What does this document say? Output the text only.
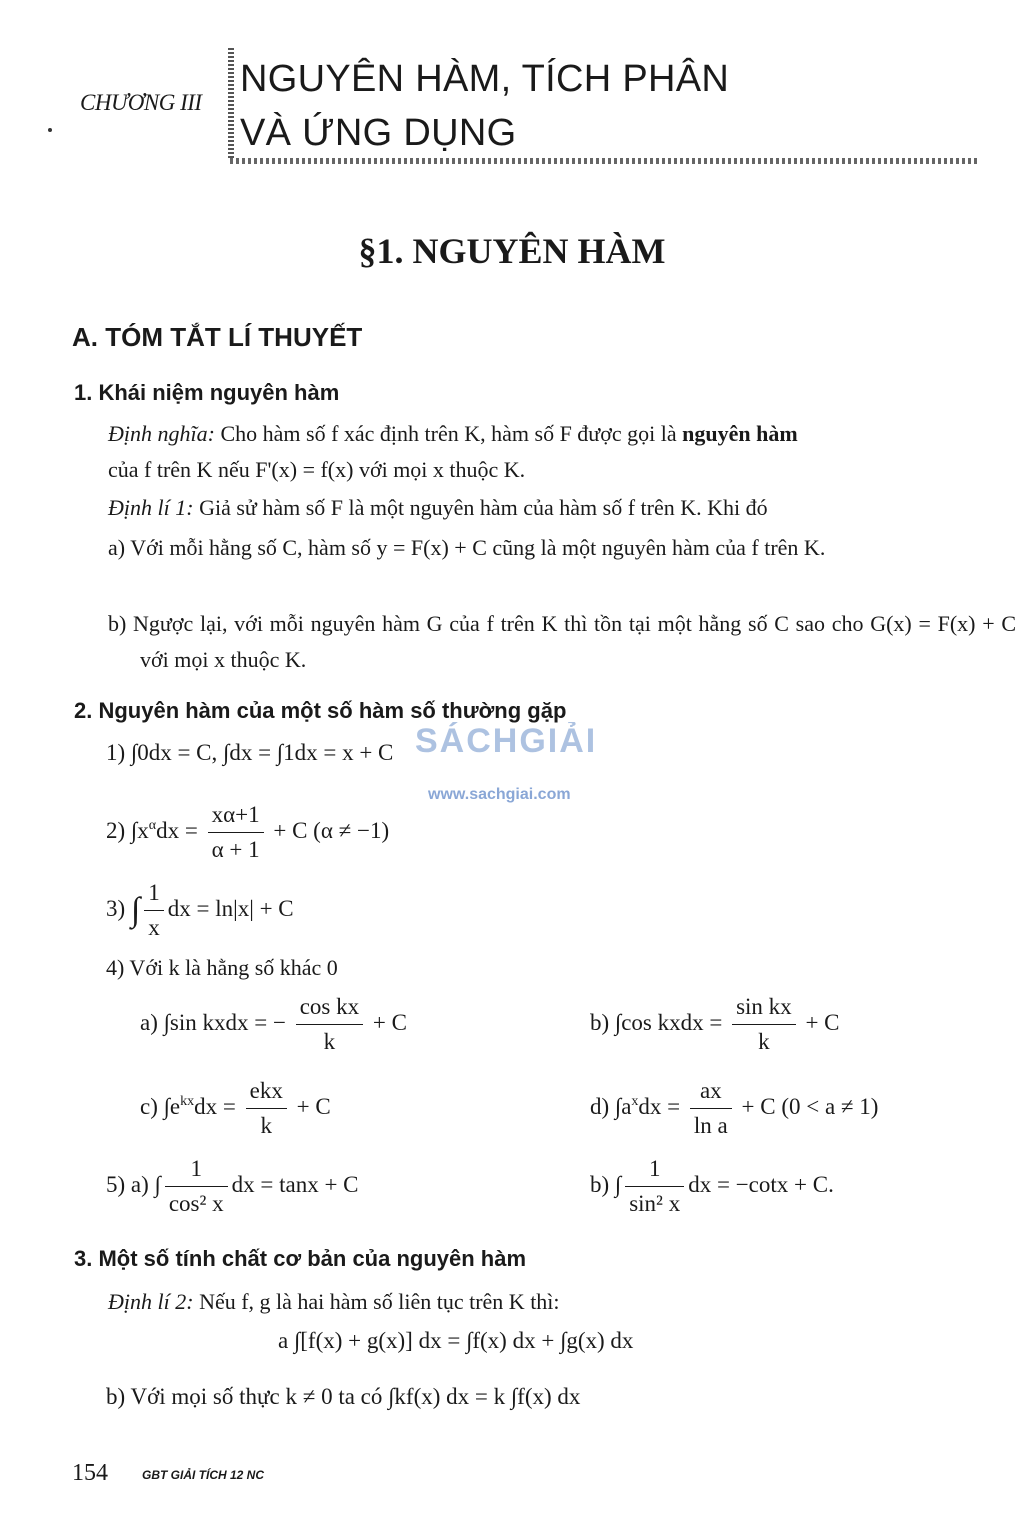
CHƯƠNG III
NGUYÊN HÀM, TÍCH PHÂN
VÀ ỨNG DỤNG
§1. NGUYÊN HÀM
A. TÓM TẮT LÍ THUYẾT
1. Khái niệm nguyên hàm
Định nghĩa: Cho hàm số f xác định trên K, hàm số F được gọi là nguyên hàm
của f trên K nếu F'(x) = f(x) với mọi x thuộc K.
Định lí 1: Giả sử hàm số F là một nguyên hàm của hàm số f trên K. Khi đó
a) Với mỗi hằng số C, hàm số y = F(x) + C cũng là một nguyên hàm của f trên K.
b) Ngược lại, với mỗi nguyên hàm G của f trên K thì tồn tại một hằng số C sao cho G(x) = F(x) + C với mọi x thuộc K.
2. Nguyên hàm của một số hàm số thường gặp
1) ∫0dx = C, ∫dx = ∫1dx = x + C
2) $\int x^\alpha dx = \frac{x\alpha+1}{\alpha + 1} + C$ (α ≠ −1)
3) ∫ $\frac{1}{x}$ dx = ln|x| + C
4) Với k là hằng số khác 0
a) ∫sin kxdx = − $\frac{\text{cos kx}}{k} + C$	b) ∫cos kxdx = $\frac{\text{sin kx}}{k} + C$
c) $\int e^{kx}dx = \frac{\text{ekx}}{k} + C$	d) $\int a^xdx = \frac{ax}{\text{ln a}} + C$ (0 < a ≠ 1)
5) a) ∫ $\frac{1}{\text{cos² x}}$ dx = tanx + C	b) ∫ $\frac{1}{\text{sin² x}}$ dx = −cotx + C.
SÁCHGIẢI
www.sachgiai.com
3. Một số tính chất cơ bản của nguyên hàm
Định lí 2: Nếu f, g là hai hàm số liên tục trên K thì:
a ∫[f(x) + g(x)] dx = ∫f(x) dx + ∫g(x) dx
b) Với mọi số thực k ≠ 0 ta có ∫kf(x) dx = k ∫f(x) dx
154	GBT GIẢI TÍCH 12 NC
